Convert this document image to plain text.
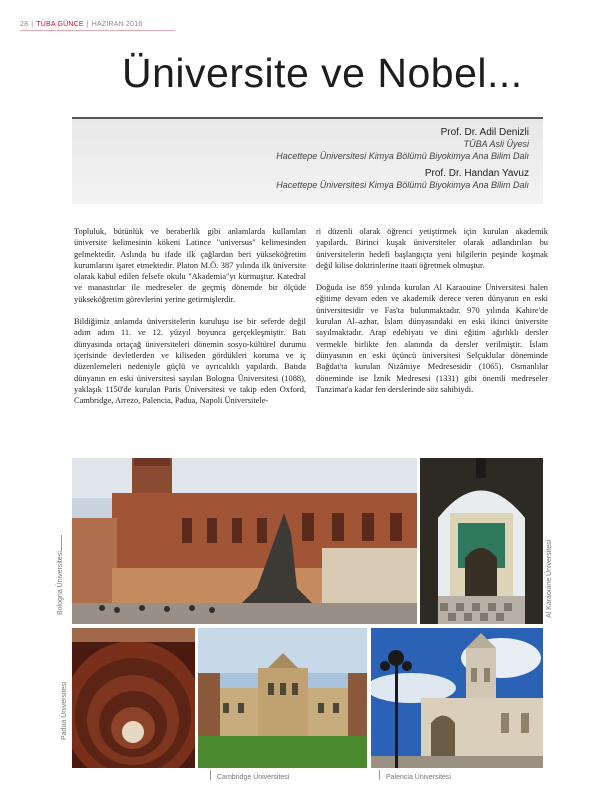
28 | TÜBA GÜNCE | HAZİRAN 2016
Üniversite ve Nobel...
Prof. Dr. Adil Denizli
TÜBA Asli Üyesi
Hacettepe Üniversitesi Kimya Bölümü Biyokimya Ana Bilim Dalı
Prof. Dr. Handan Yavuz
Hacettepe Üniversitesi Kimya Bölümü Biyokimya Ana Bilim Dalı

Topluluk, bütünlük ve beraberlik gibi anlamlarda kullanılan üniversite kelimesinin kökeni Latince "universus" kelimesinden gelmektedir. Aslında bu ifade ilk çağlardan beri yükseköğretim kurumlarını işaret etmektedir. Platon M.Ö. 387 yılında ilk üniversite olarak kabul edilen felsefe okulu "Akademia"yı kurmuştur. Katedral ve manastırlar ile medreseler de geçmiş dönemde bir ölçüde yükseköğretim görevlerini yerine getirmişlerdir.

Bildiğimiz anlamda üniversitelerin kuruluşu ise bir seferde değil adım adım 11. ve 12. yüzyıl boyunca gerçekleşmiştir. Batı dünyasında ortaçağ üniversiteleri dönemin sosyo-kültürel durumu içerisinde devletlerden ve kiliseden gördükleri koruma ve iç düzenlemeleri nedeniyle güçlü ve ayrıcalıklı yapılardı. Batıda dünyanın en eski üniversitesi sayılan Bologna Üniversitesi (1088), yaklaşık 1150'de kurulan Paris Üniversitesi ve takip eden Oxford, Cambridge, Arrezo, Palencia, Padua, Napoli Üniversitele-

ri düzenli olarak öğrenci yetiştirmek için kurulan akademik yapılardı. Birinci kuşak üniversiteler olarak adlandırılan bu üniversitelerin hedefi başlangıçta yeni bilgilerin peşinde koşmak değil kilise doktrinlerine itaati öğretmek olmuştur.

Doğuda ise 859 yılında kurulan Al Karaouine Üniversitesi halen eğitime devam eden ve akademik derece veren dünyanın en eski üniversitesidir ve Fas'ta bulunmaktadır. 970 yılında Kahire'de kurulan Al–azhar, İslam dünyasındaki en eski ikinci üniversite sayılmaktadır. Arap edebiyatı ve dini eğitim ağırlıklı dersler vermekle birlikte fen alanında da dersler verilmiştir. İslam dünyasının en eski üçüncü üniversitesi Selçuklular döneminde Bağdat'ta kurulan Nizâmiye Medresesidir (1065). Osmanlılar döneminde ise İznik Medresesi (1331) gibi önemli medreseler Tanzimat'a kadar fen derslerinde söz sahibiydi.

Bologna Üniversitesi	Al Karaouine Üniversitesi
Padua Üniversitesi
Cambridge Üniversitesi	Palencia Üniversitesi
